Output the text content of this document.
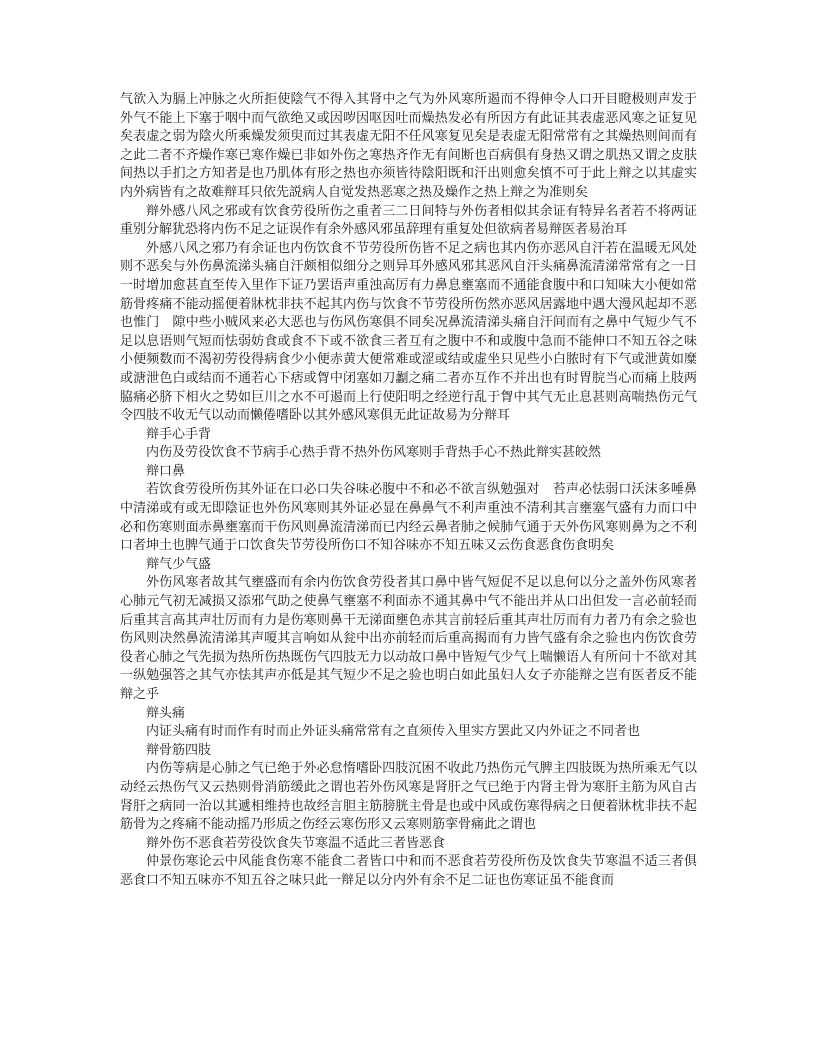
气欲入为膈上冲脉之火所拒使陰气不得入其肾中之气为外风寒所遏而不得伸令人口开目瞪极则声发于外气不能上下塞于咽中而气欲绝又或因哕因呕因吐而燥热发必有所因方有此证其表虚恶风寒之证复见矣表虚之弱为陰火所乘燥发须臾而过其表虚无阳不任风寒复见矣是表虚无阳常常有之其燥热则间而有之此二者不齐燥作寒已寒作燥已非如外伤之寒热齐作无有间断也百病俱有身热又谓之肌热又谓之皮肤间热以手扪之方知者是也乃肌体有形之热也亦须皆待陰阳既和汗出则愈矣慎不可于此上辩之以其虚实内外病皆有之故难辩耳只依先説病人自觉发热恶寒之热及燥作之热上辩之为准则矣

辩外感八风之邪或有饮食劳役所伤之重者三二日间特与外伤者相似其余证有特异名者若不将两证重别分解犹恐将内伤不足之证误作有余外感风邪虽辞理有重复处但欲病者易辩医者易治耳

外感八风之邪乃有余证也内伤饮食不节劳役所伤皆不足之病也其内伤亦恶风自汗若在温暖无风处则不恶矣与外伤鼻流涕头痛自汗颇相似细分之则异耳外感风邪其恶风自汗头痛鼻流清涕常常有之一日一时增加愈甚直至传入里作下证乃罢语声重浊高厉有力鼻息壅塞而不通能食腹中和口知味大小便如常筋骨疼痛不能动摇便着牀枕非扶不起其内伤与饮食不节劳役所伤然亦恶风居露地中遇大漫风起却不恶也惟门　隙中些小贼风来必大恶也与伤风伤寒俱不同矣况鼻流清涕头痛自汗间而有之鼻中气短少气不足以息语则气短而怯弱妨食或食不下或不欲食三者互有之腹中不和或腹中急而不能伸口不知五谷之味小便频数而不渴初劳役得病食少小便赤黄大便常难或涩或结或虚坐只见些小白脓时有下气或泄黄如糜或溏泄色白或结而不通若心下痞或胷中闭塞如刀劙之痛二者亦互作不并出也有时胃脘当心而痛上肢两脇痛必脐下相火之势如巨川之水不可遏而上行使阳明之经逆行乱于胷中其气无止息甚则高喘热伤元气令四肢不收无气以动而懒倦嗜卧以其外感风寒俱无此证故易为分辩耳

辩手心手背

内伤及劳役饮食不节病手心热手背不热外伤风寒则手背热手心不热此辩实甚皎然

辩口鼻

若饮食劳役所伤其外证在口必口失谷味必腹中不和必不欲言纵勉强对　苔声必怯弱口沃沫多唾鼻中清涕或有或无即陰证也外伤风寒则其外证必显在鼻鼻气不利声重浊不清利其言壅塞气盛有力而口中必和伤寒则面赤鼻壅塞而干伤风则鼻流清涕而已内经云鼻者肺之候肺气通于天外伤风寒则鼻为之不利口者坤土也脾气通于口饮食失节劳役所伤口不知谷味亦不知五味又云伤食恶食伤食明矣

辩气少气盛

外伤风寒者故其气壅盛而有余内伤饮食劳役者其口鼻中皆气短促不足以息何以分之盖外伤风寒者心肺元气初无减损又添邪气助之使鼻气壅塞不利面赤不通其鼻中气不能出并从口出但发一言必前轻而后重其言高其声壮厉而有力是伤寒则鼻干无涕面壅色赤其言前轻后重其声壮厉而有力者乃有余之验也伤风则决然鼻流清涕其声嗄其言响如从瓮中出亦前轻而后重高揭而有力皆气盛有余之验也内伤饮食劳役者心肺之气先损为热所伤热既伤气四肢无力以动故口鼻中皆短气少气上喘懒语人有所问十不欲对其一纵勉强答之其气亦怯其声亦低是其气短少不足之验也明白如此虽妇人女子亦能辩之岂有医者反不能辩之乎

辩头痛

内证头痛有时而作有时而止外证头痛常常有之直须传入里实方罢此又内外证之不同者也

辩骨筋四肢

内伤等病是心肺之气已绝于外必怠惰嗜卧四肢沉困不收此乃热伤元气脾主四肢既为热所乘无气以动经云热伤气又云热则骨消筋缓此之谓也若外伤风寒是肾肝之气已绝于内肾主骨为寒肝主筋为风自古肾肝之病同一治以其遞相维持也故经言胆主筋膀胱主骨是也或中风或伤寒得病之日便着牀枕非扶不起筋骨为之疼痛不能动摇乃形质之伤经云寒伤形又云寒则筋挛骨痛此之谓也

辩外伤不恶食若劳役饮食失节寒温不适此三者皆恶食

仲景伤寒论云中风能食伤寒不能食二者皆口中和而不恶食若劳役所伤及饮食失节寒温不适三者俱恶食口不知五味亦不知五谷之味只此一辩足以分内外有余不足二证也伤寒证虽不能食而
